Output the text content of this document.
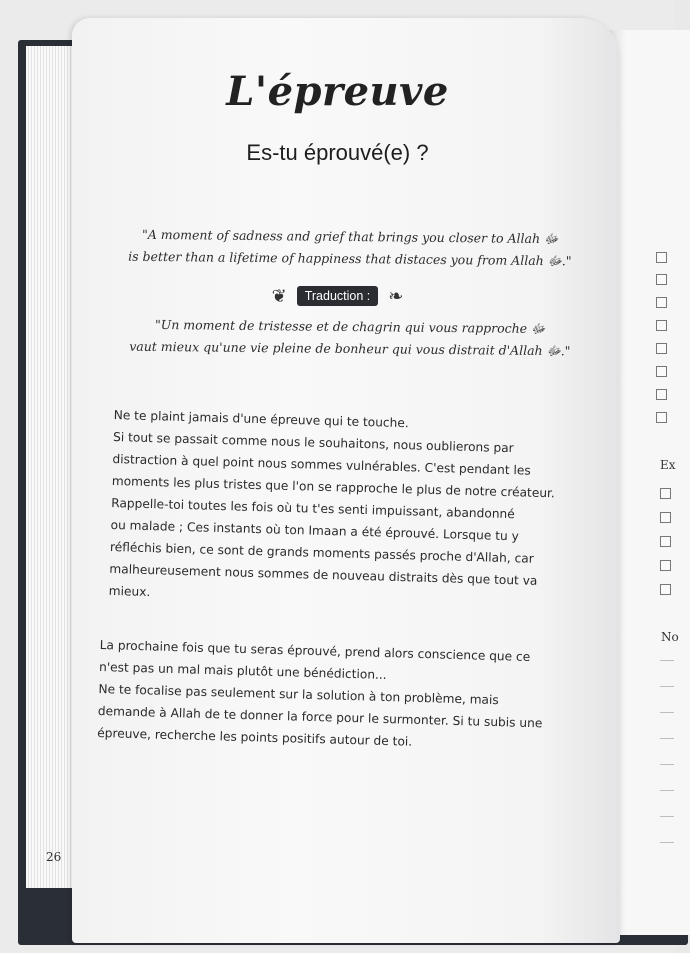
Ex
No
L'épreuve
Es-tu éprouvé(e) ?
"A moment of sadness and grief that brings you closer to Allah ﷻ
is better than a lifetime of happiness that distaces you from Allah ﷻ."
❦	Traduction :	❧
"Un moment de tristesse et de chagrin qui vous rapproche ﷻ
vaut mieux qu'une vie pleine de bonheur qui vous distrait d'Allah ﷻ."
Ne te plaint jamais d'une épreuve qui te touche.
Si tout se passait comme nous le souhaitons, nous oublierons par
distraction à quel point nous sommes vulnérables. C'est pendant les
moments les plus tristes que l'on se rapproche le plus de notre créateur.
Rappelle-toi toutes les fois où tu t'es senti impuissant, abandonné
ou malade ; Ces instants où ton Imaan a été éprouvé. Lorsque tu y
réfléchis bien, ce sont de grands moments passés proche d'Allah, car
malheureusement nous sommes de nouveau distraits dès que tout va
mieux.
La prochaine fois que tu seras éprouvé, prend alors conscience que ce
n'est pas un mal mais plutôt une bénédiction...
Ne te focalise pas seulement sur la solution à ton problème, mais
demande à Allah de te donner la force pour le surmonter. Si tu subis une
épreuve, recherche les points positifs autour de toi.
26
